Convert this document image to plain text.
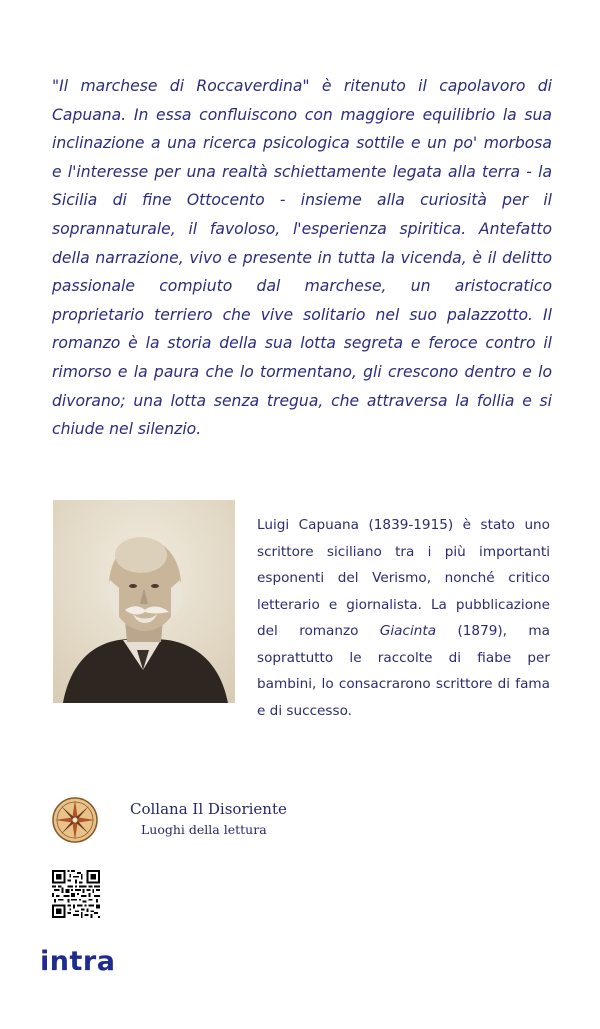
"Il marchese di Roccaverdina" è ritenuto il capolavoro di Capuana. In essa confluiscono con maggiore equilibrio la sua inclinazione a una ricerca psicologica sottile e un po' morbosa e l'interesse per una realtà schiettamente legata alla terra - la Sicilia di fine Ottocento - insieme alla curiosità per il soprannaturale, il favoloso, l'esperienza spiritica. Antefatto della narrazione, vivo e presente in tutta la vicenda, è il delitto passionale compiuto dal marchese, un aristocratico proprietario terriero che vive solitario nel suo palazzotto. Il romanzo è la storia della sua lotta segreta e feroce contro il rimorso e la paura che lo tormentano, gli crescono dentro e lo divorano; una lotta senza tregua, che attraversa la follia e si chiude nel silenzio.

Luigi Capuana (1839-1915) è stato uno scrittore siciliano tra i più importanti esponenti del Verismo, nonché critico letterario e giornalista. La pubblicazione del romanzo Giacinta (1879), ma soprattutto le raccolte di fiabe per bambini, lo consacrarono scrittore di fama e di successo.

Collana Il Disoriente
Luoghi della lettura
intra
